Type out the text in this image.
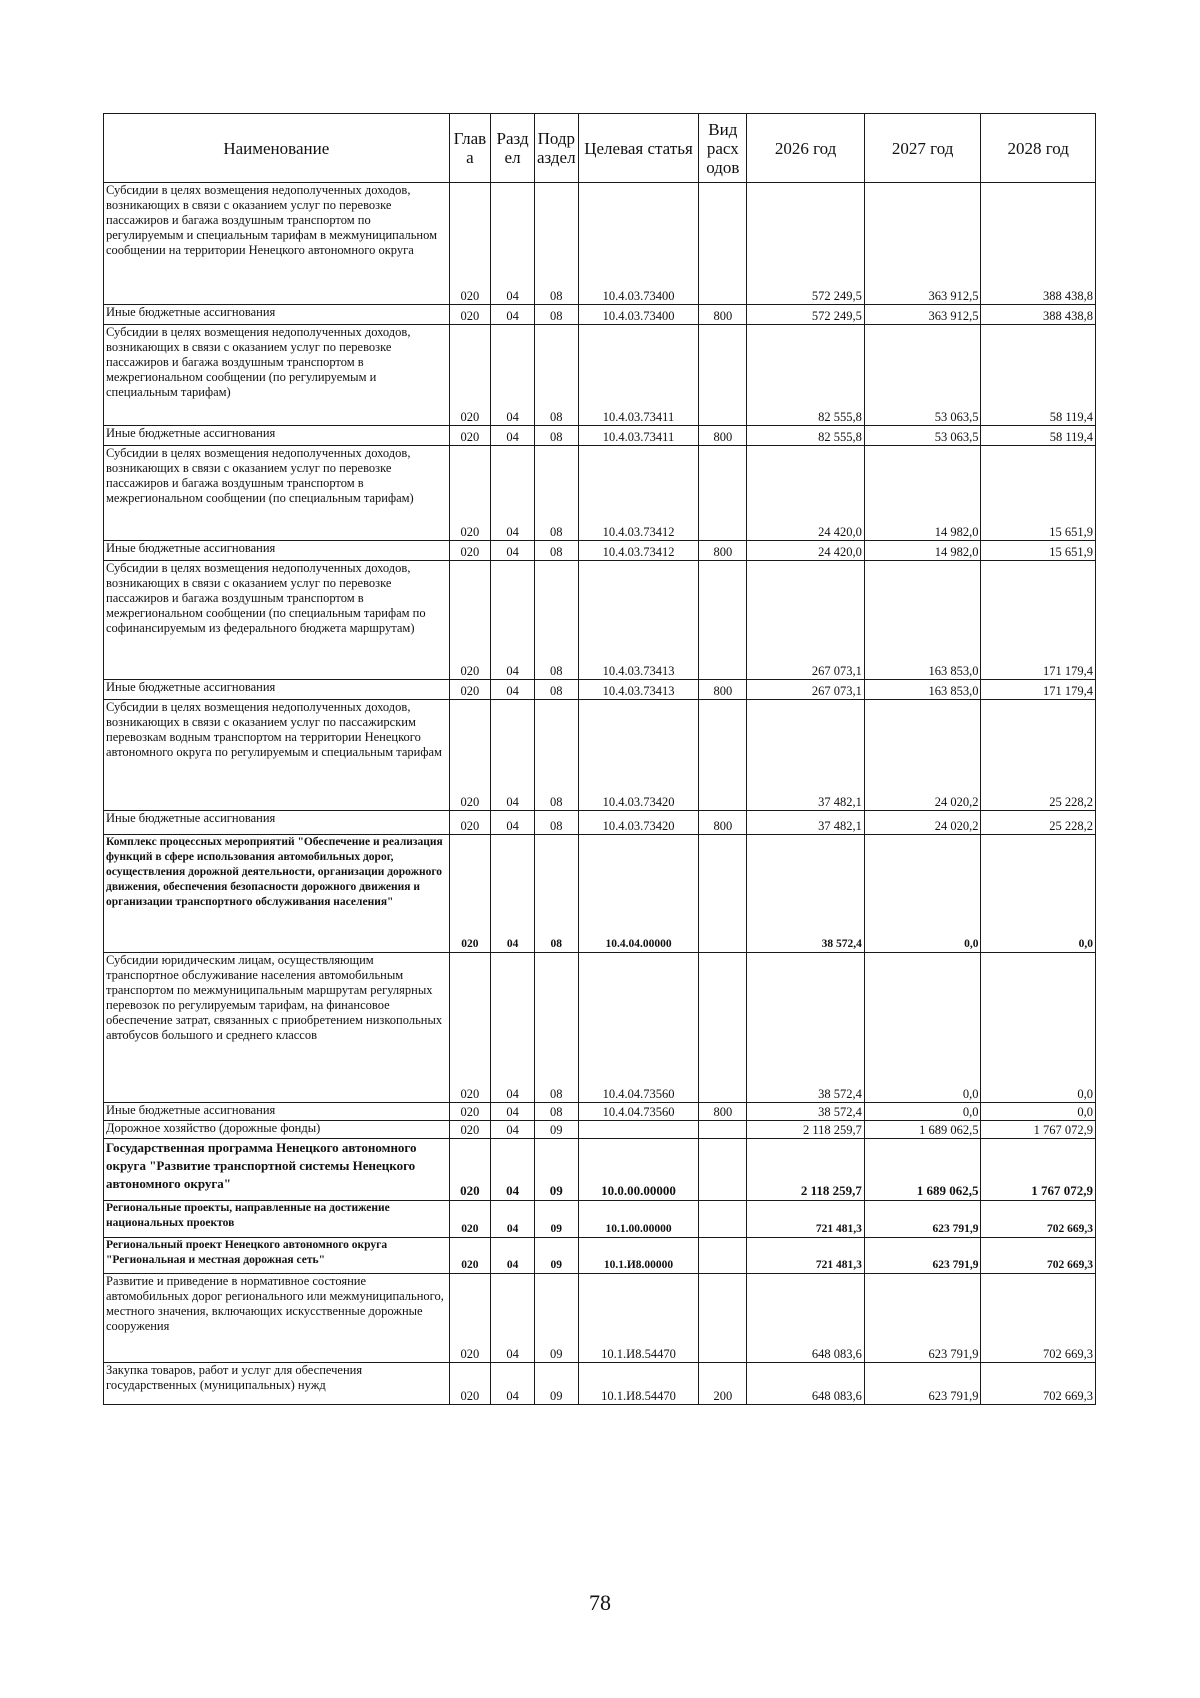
Наименование	Глав а	Разд ел	Подр аздел	Целевая статья	Вид расх одов	2026 год	2027 год	2028 год
Субсидии в целях возмещения недополученных доходов, возникающих в связи с оказанием услуг по перевозке пассажиров и багажа воздушным транспортом по регулируемым и специальным тарифам в межмуниципальном сообщении на территории Ненецкого автономного округа	020	04	08	10.4.03.73400		572 249,5	363 912,5	388 438,8
Иные бюджетные ассигнования	020	04	08	10.4.03.73400	800	572 249,5	363 912,5	388 438,8
Субсидии в целях возмещения недополученных доходов, возникающих в связи с оказанием услуг по перевозке пассажиров и багажа воздушным транспортом в межрегиональном сообщении (по регулируемым и специальным тарифам)	020	04	08	10.4.03.73411		82 555,8	53 063,5	58 119,4
Иные бюджетные ассигнования	020	04	08	10.4.03.73411	800	82 555,8	53 063,5	58 119,4
Субсидии в целях возмещения недополученных доходов, возникающих в связи с оказанием услуг по перевозке пассажиров и багажа воздушным транспортом в межрегиональном сообщении (по специальным тарифам)	020	04	08	10.4.03.73412		24 420,0	14 982,0	15 651,9
Иные бюджетные ассигнования	020	04	08	10.4.03.73412	800	24 420,0	14 982,0	15 651,9
Субсидии в целях возмещения недополученных доходов, возникающих в связи с оказанием услуг по перевозке пассажиров и багажа воздушным транспортом в межрегиональном сообщении (по специальным тарифам по софинансируемым из федерального бюджета маршрутам)	020	04	08	10.4.03.73413		267 073,1	163 853,0	171 179,4
Иные бюджетные ассигнования	020	04	08	10.4.03.73413	800	267 073,1	163 853,0	171 179,4
Субсидии в целях возмещения недополученных доходов, возникающих в связи с оказанием услуг по пассажирским перевозкам водным транспортом на территории Ненецкого автономного округа по регулируемым и специальным тарифам	020	04	08	10.4.03.73420		37 482,1	24 020,2	25 228,2
Иные бюджетные ассигнования	020	04	08	10.4.03.73420	800	37 482,1	24 020,2	25 228,2
Комплекс процессных мероприятий "Обеспечение и реализация функций в сфере использования автомобильных дорог, осуществления дорожной деятельности, организации дорожного движения, обеспечения безопасности дорожного движения и организации транспортного обслуживания населения"	020	04	08	10.4.04.00000		38 572,4	0,0	0,0
Субсидии юридическим лицам, осуществляющим транспортное обслуживание населения автомобильным транспортом по межмуниципальным маршрутам регулярных перевозок по регулируемым тарифам, на финансовое обеспечение затрат, связанных с приобретением низкопольных автобусов большого и среднего классов	020	04	08	10.4.04.73560		38 572,4	0,0	0,0
Иные бюджетные ассигнования	020	04	08	10.4.04.73560	800	38 572,4	0,0	0,0
Дорожное хозяйство (дорожные фонды)	020	04	09			2 118 259,7	1 689 062,5	1 767 072,9
Государственная программа Ненецкого автономного округа "Развитие транспортной системы Ненецкого автономного округа"	020	04	09	10.0.00.00000		2 118 259,7	1 689 062,5	1 767 072,9
Региональные проекты, направленные на достижение национальных проектов	020	04	09	10.1.00.00000		721 481,3	623 791,9	702 669,3
Региональный проект Ненецкого автономного округа "Региональная и местная дорожная сеть"	020	04	09	10.1.И8.00000		721 481,3	623 791,9	702 669,3
Развитие и приведение в нормативное состояние автомобильных дорог регионального или межмуниципального, местного значения, включающих искусственные дорожные сооружения	020	04	09	10.1.И8.54470		648 083,6	623 791,9	702 669,3
Закупка товаров, работ и услуг для обеспечения государственных (муниципальных) нужд	020	04	09	10.1.И8.54470	200	648 083,6	623 791,9	702 669,3
78
